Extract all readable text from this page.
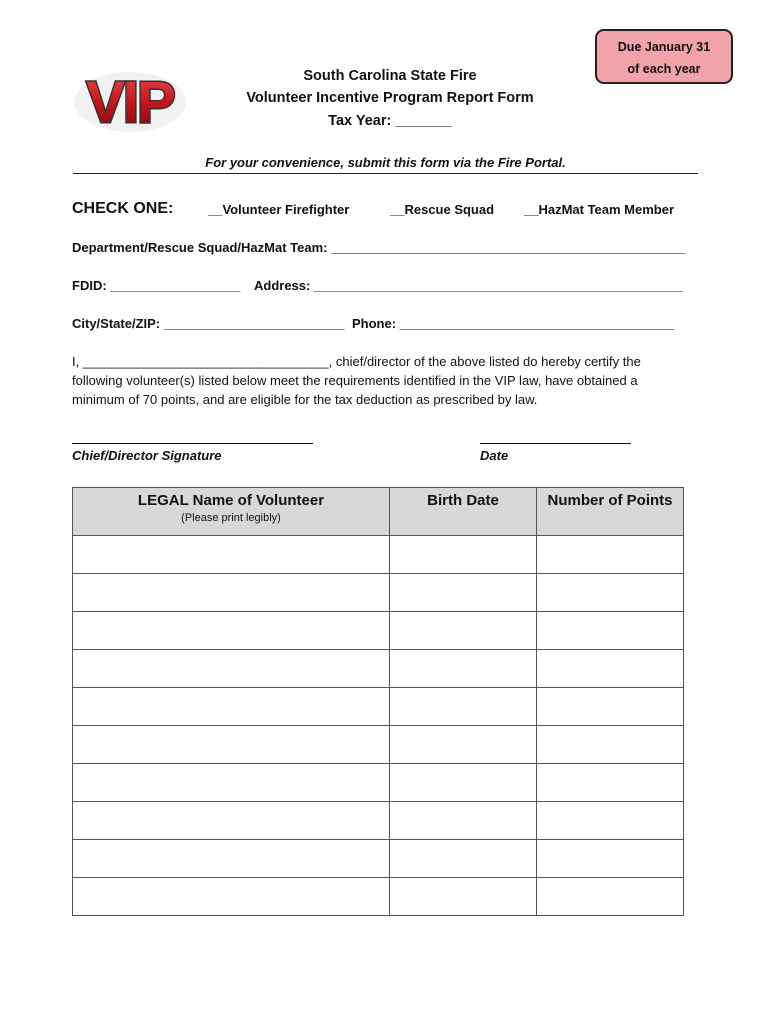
VIP	South Carolina State Fire
Volunteer Incentive Program Report Form
Tax Year: _______
Due January 31
of each year
For your convenience, submit this form via the Fire Portal.
CHECK ONE:	__Volunteer Firefighter	__Rescue Squad __HazMat Team Member
Department/Rescue Squad/HazMat Team: _________________________________________________
FDID: __________________ Address: ___________________________________________________
City/State/ZIP: _________________________ Phone: ______________________________________
I, __________________________________, chief/director of the above listed do hereby certify the following volunteer(s) listed below meet the requirements identified in the VIP law, have obtained a minimum of 70 points, and are eligible for the tax deduction as prescribed by law.
Chief/Director Signature	Date
LEGAL Name of Volunteer
(Please print legibly)	Birth Date	Number of Points
